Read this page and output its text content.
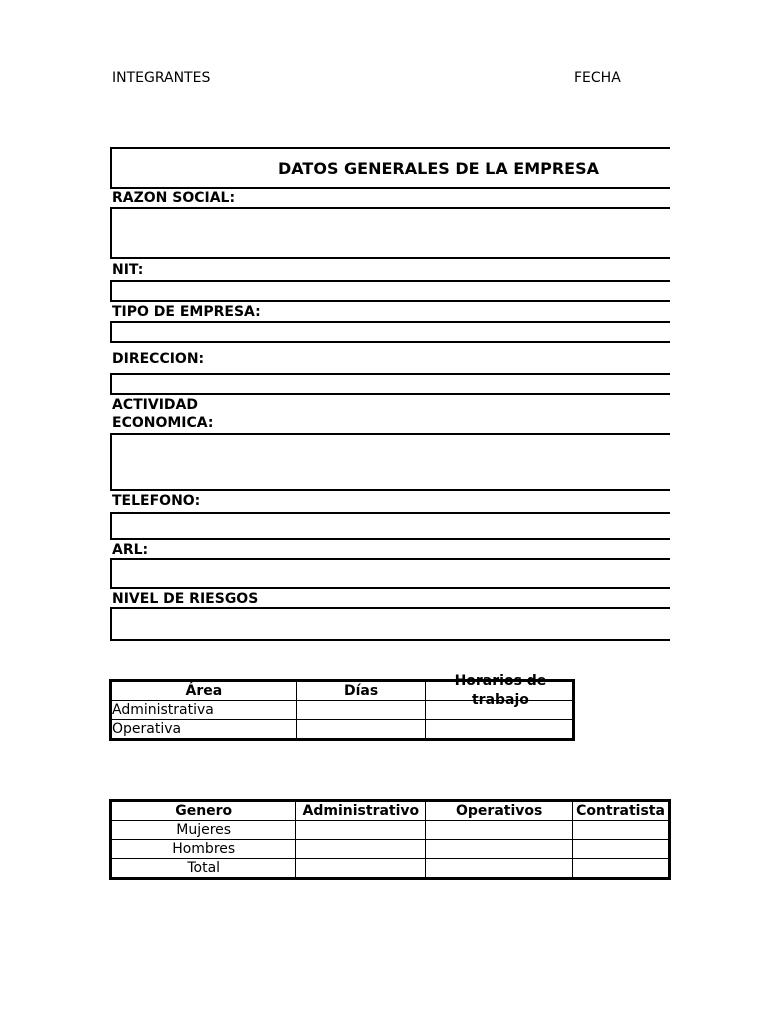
INTEGRANTES	FECHA
DATOS GENERALES DE LA EMPRESA
RAZON SOCIAL:
NIT:
TIPO DE EMPRESA:
DIRECCION:
ACTIVIDAD
ECONOMICA:
TELEFONO:
ARL:
NIVEL DE RIESGOS
Área	Días	Horarios de trabajo

Administrativa		
Operativa		
Genero	Administrativo	Operativos	Contratista
Mujeres			
Hombres			
Total			
